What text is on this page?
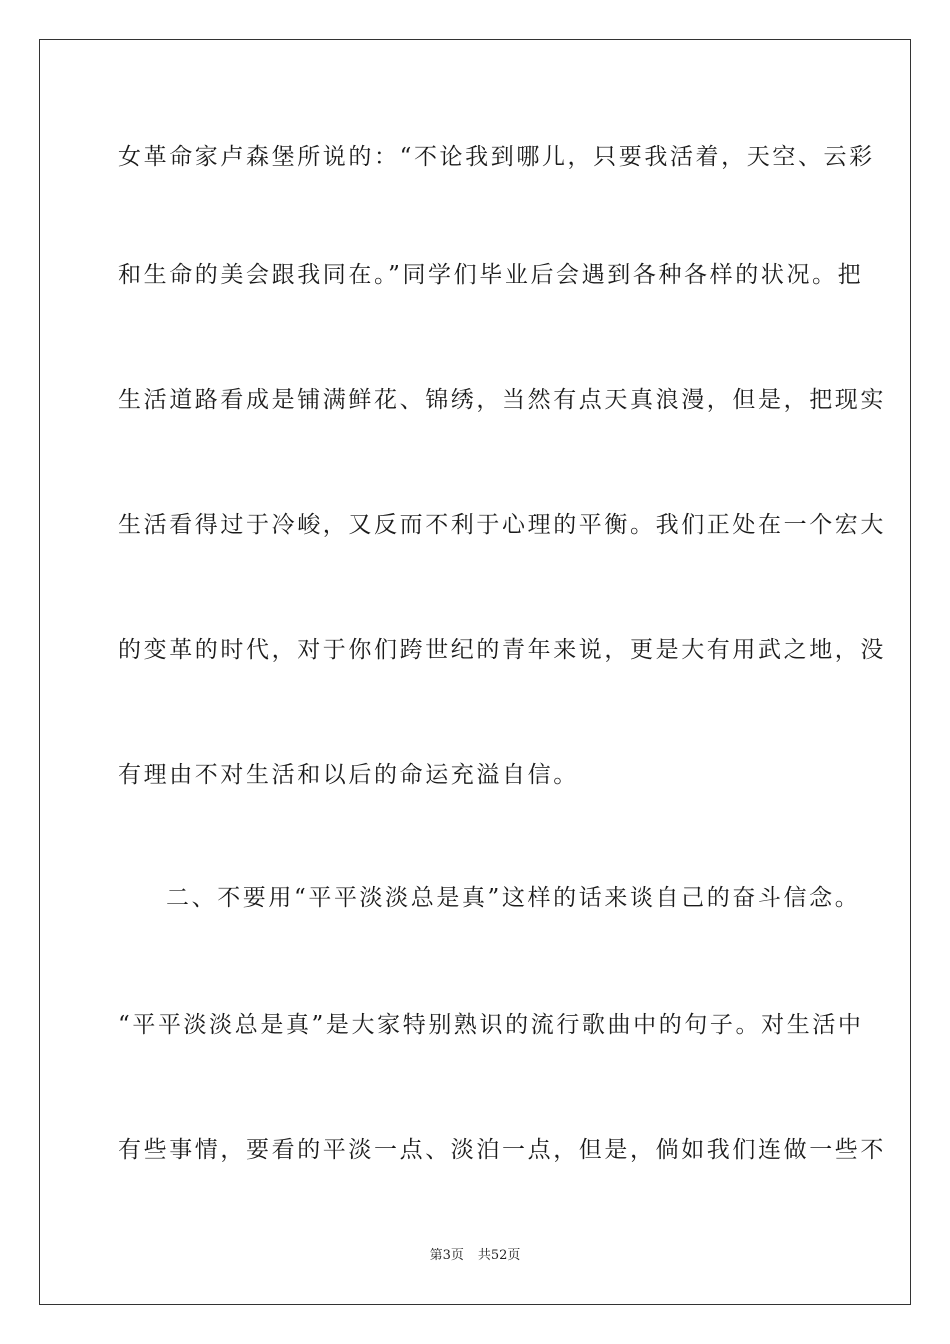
女革命家卢森堡所说的：“不论我到哪儿，只要我活着，天空、云彩
和生命的美会跟我同在。”同学们毕业后会遇到各种各样的状况。把
生活道路看成是铺满鲜花、锦绣，当然有点天真浪漫，但是，把现实
生活看得过于冷峻，又反而不利于心理的平衡。我们正处在一个宏大
的变革的时代，对于你们跨世纪的青年来说，更是大有用武之地，没
有理由不对生活和以后的命运充溢自信。
二、不要用“平平淡淡总是真”这样的话来谈自己的奋斗信念。
“平平淡淡总是真”是大家特别熟识的流行歌曲中的句子。对生活中
有些事情，要看的平淡一点、淡泊一点，但是，倘如我们连做一些不
第3页 共52页
